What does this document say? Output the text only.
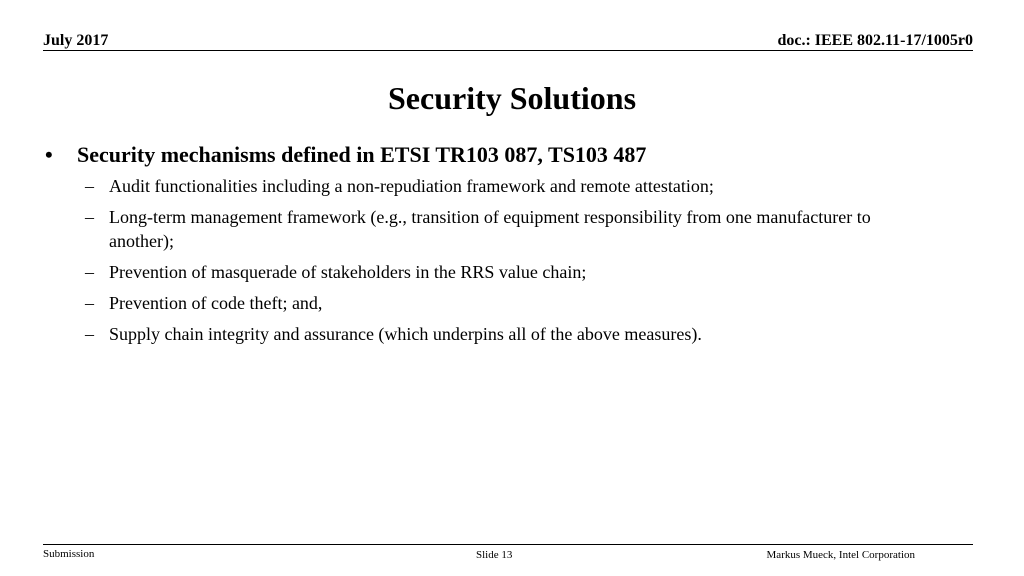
July 2017	doc.: IEEE 802.11-17/1005r0
Security Solutions
•	Security mechanisms defined in ETSI TR103 087, TS103 487
– Audit functionalities including a non-repudiation framework and remote attestation;
– Long-term management framework (e.g., transition of equipment responsibility from one manufacturer to another);
– Prevention of masquerade of stakeholders in the RRS value chain;
– Prevention of code theft; and,
– Supply chain integrity and assurance (which underpins all of the above measures).
Submission	Slide 13	Markus Mueck, Intel Corporation
